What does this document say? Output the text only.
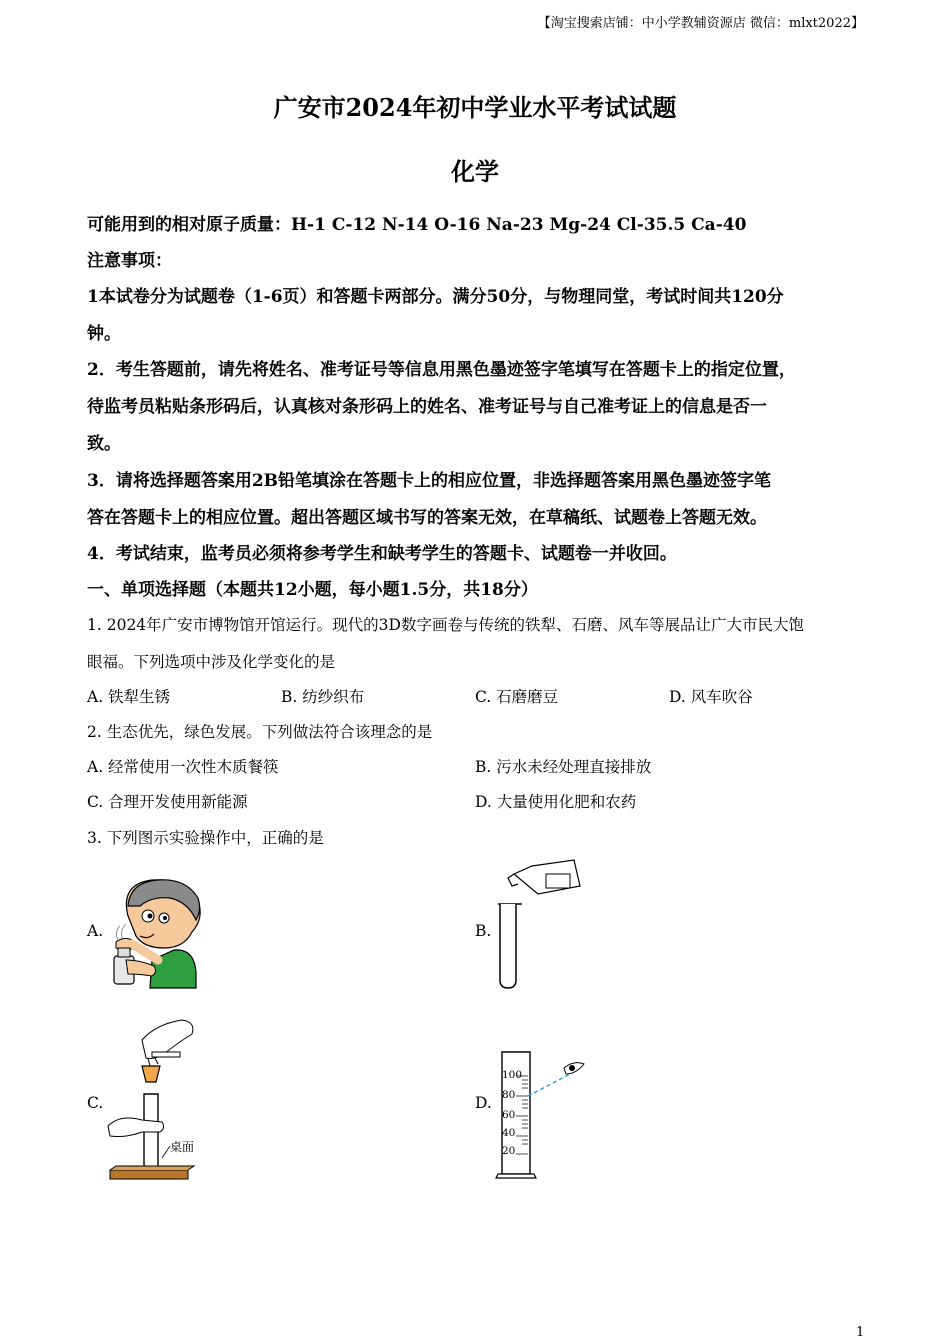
【淘宝搜索店铺：中小学教辅资源店 微信：mlxt2022】
广安市2024年初中学业水平考试试题
化学
可能用到的相对原子质量：H-1 C-12 N-14 O-16 Na-23 Mg-24 Cl-35.5 Ca-40
注意事项：
1本试卷分为试题卷（1-6页）和答题卡两部分。满分50分，与物理同堂，考试时间共120分
钟。
2．考生答题前，请先将姓名、准考证号等信息用黑色墨迹签字笔填写在答题卡上的指定位置，
待监考员粘贴条形码后，认真核对条形码上的姓名、准考证号与自己准考证上的信息是否一
致。
3．请将选择题答案用2B铅笔填涂在答题卡上的相应位置，非选择题答案用黑色墨迹签字笔
答在答题卡上的相应位置。超出答题区域书写的答案无效，在草稿纸、试题卷上答题无效。
4．考试结束，监考员必须将参考学生和缺考学生的答题卡、试题卷一并收回。
一、单项选择题（本题共12小题，每小题1.5分，共18分）
1. 2024年广安市博物馆开馆运行。现代的3D数字画卷与传统的铁犁、石磨、风车等展品让广大市民大饱
眼福。下列选项中涉及化学变化的是
A. 铁犁生锈	B. 纺纱织布	C. 石磨磨豆	D. 风车吹谷
2. 生态优先，绿色发展。下列做法符合该理念的是
A. 经常使用一次性木质餐筷	B. 污水未经处理直接排放
C. 合理开发使用新能源	D. 大量使用化肥和农药
3. 下列图示实验操作中，正确的是
A.	B.
C.	D.
桌面
100
80
60
40
20
1
